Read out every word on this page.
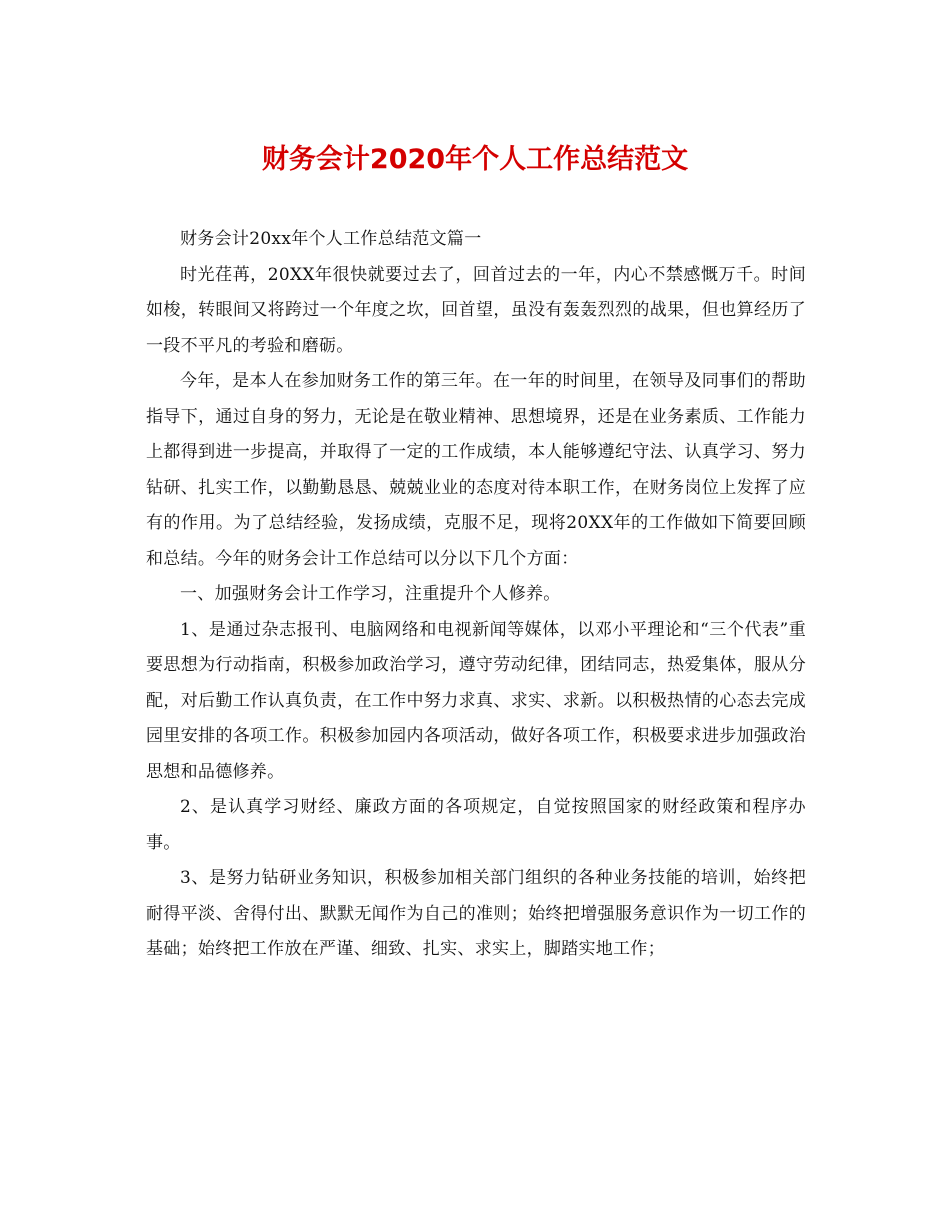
财务会计2020年个人工作总结范文

财务会计20xx年个人工作总结范文篇一

时光荏苒，20XX年很快就要过去了，回首过去的一年，内心不禁感慨万千。时间如梭，转眼间又将跨过一个年度之坎，回首望，虽没有轰轰烈烈的战果，但也算经历了一段不平凡的考验和磨砺。

今年，是本人在参加财务工作的第三年。在一年的时间里，在领导及同事们的帮助指导下，通过自身的努力，无论是在敬业精神、思想境界，还是在业务素质、工作能力上都得到进一步提高，并取得了一定的工作成绩，本人能够遵纪守法、认真学习、努力钻研、扎实工作，以勤勤恳恳、兢兢业业的态度对待本职工作，在财务岗位上发挥了应有的作用。为了总结经验，发扬成绩，克服不足，现将20XX年的工作做如下简要回顾和总结。今年的财务会计工作总结可以分以下几个方面：

一、加强财务会计工作学习，注重提升个人修养。

1、是通过杂志报刊、电脑网络和电视新闻等媒体，以邓小平理论和“三个代表”重要思想为行动指南，积极参加政治学习，遵守劳动纪律，团结同志，热爱集体，服从分配，对后勤工作认真负责，在工作中努力求真、求实、求新。以积极热情的心态去完成园里安排的各项工作。积极参加园内各项活动，做好各项工作，积极要求进步加强政治思想和品德修养。

2、是认真学习财经、廉政方面的各项规定，自觉按照国家的财经政策和程序办事。

3、是努力钻研业务知识，积极参加相关部门组织的各种业务技能的培训，始终把耐得平淡、舍得付出、默默无闻作为自己的准则；始终把增强服务意识作为一切工作的基础；始终把工作放在严谨、细致、扎实、求实上，脚踏实地工作；
